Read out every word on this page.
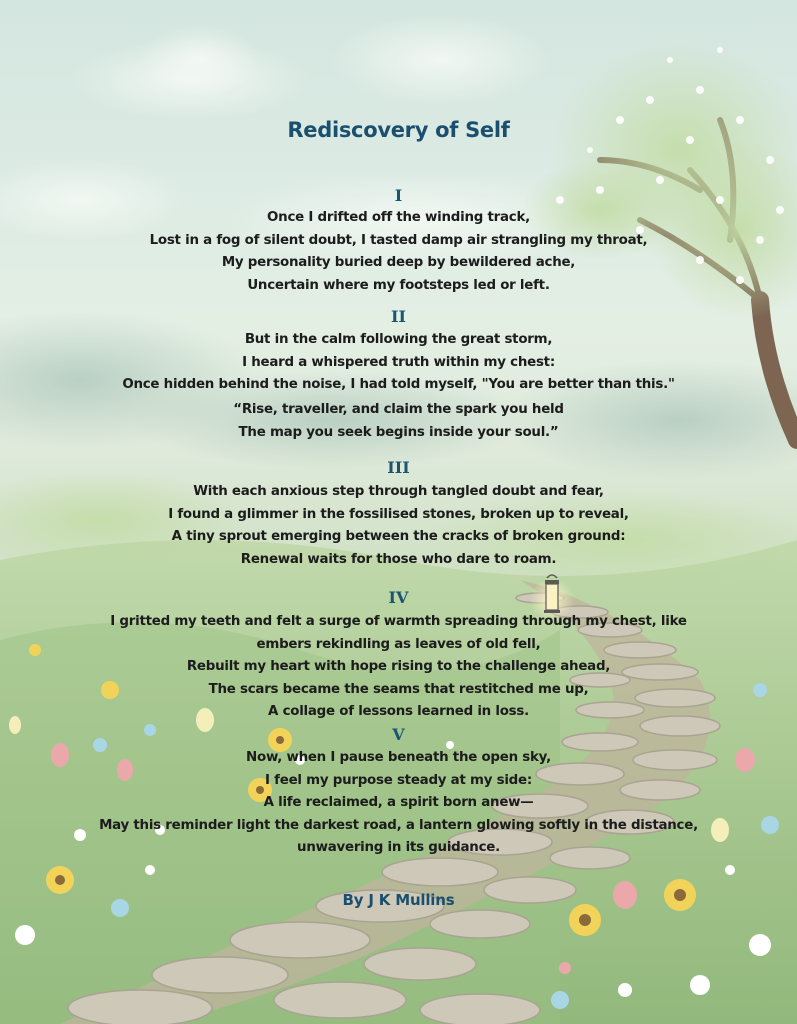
Rediscovery of Self
I
Once I drifted off the winding track,
Lost in a fog of silent doubt, I tasted damp air strangling my throat,
My personality buried deep by bewildered ache,
Uncertain where my footsteps led or left.
II
But in the calm following the great storm,
I heard a whispered truth within my chest:
Once hidden behind the noise, I had told myself, "You are better than this."
“Rise, traveller, and claim the spark you held
The map you seek begins inside your soul.”
III
With each anxious step through tangled doubt and fear,
I found a glimmer in the fossilised stones, broken up to reveal,
A tiny sprout emerging between the cracks of broken ground:
Renewal waits for those who dare to roam.
IV
I gritted my teeth and felt a surge of warmth spreading through my chest, like
embers rekindling as leaves of old fell,
Rebuilt my heart with hope rising to the challenge ahead,
The scars became the seams that restitched me up,
A collage of lessons learned in loss.
V
Now, when I pause beneath the open sky,
I feel my purpose steady at my side:
A life reclaimed, a spirit born anew—
May this reminder light the darkest road, a lantern glowing softly in the distance,
unwavering in its guidance.
By J K Mullins
